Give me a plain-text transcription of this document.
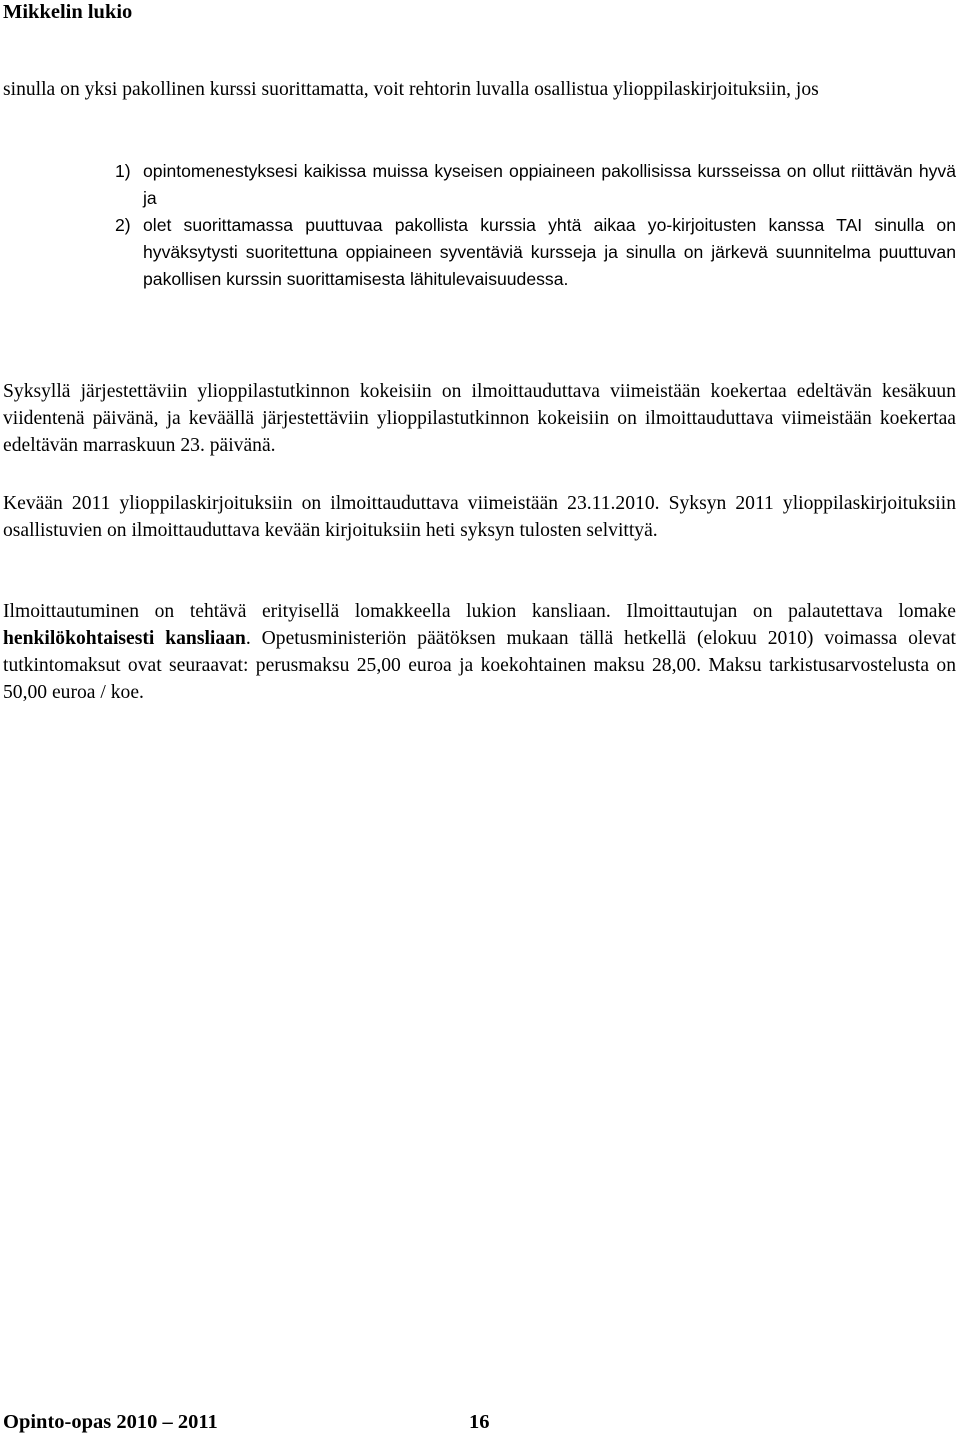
Mikkelin lukio

sinulla on yksi pakollinen kurssi suorittamatta, voit rehtorin luvalla osallistua ylioppilaskirjoituksiin, jos

1) opintomenestyksesi kaikissa muissa kyseisen oppiaineen pakollisissa kursseissa on ollut riittävän hyvä ja
2) olet suorittamassa puuttuvaa pakollista kurssia yhtä aikaa yo-kirjoitusten kanssa TAI sinulla on hyväksytysti suoritettuna oppiaineen syventäviä kursseja ja sinulla on järkevä suunnitelma puuttuvan pakollisen kurssin suorittamisesta lähitulevaisuudessa.

Syksyllä järjestettäviin ylioppilastutkinnon kokeisiin on ilmoittauduttava viimeistään koekertaa edeltävän kesäkuun viidentenä päivänä, ja keväällä järjestettäviin ylioppilastutkinnon kokeisiin on ilmoittauduttava viimeistään koekertaa edeltävän marraskuun 23. päivänä.

Kevään 2011 ylioppilaskirjoituksiin on ilmoittauduttava viimeistään 23.11.2010. Syksyn 2011 ylioppilaskirjoituksiin osallistuvien on ilmoittauduttava kevään kirjoituksiin heti syksyn tulosten selvittyä.

Ilmoittautuminen on tehtävä erityisellä lomakkeella lukion kansliaan. Ilmoittautujan on palautettava lomake henkilökohtaisesti kansliaan. Opetusministeriön päätöksen mukaan tällä hetkellä (elokuu 2010) voimassa olevat tutkintomaksut ovat seuraavat: perusmaksu 25,00 euroa ja koekohtainen maksu 28,00. Maksu tarkistusarvostelusta on 50,00 euroa / koe.

Opinto-opas 2010 – 2011	16
